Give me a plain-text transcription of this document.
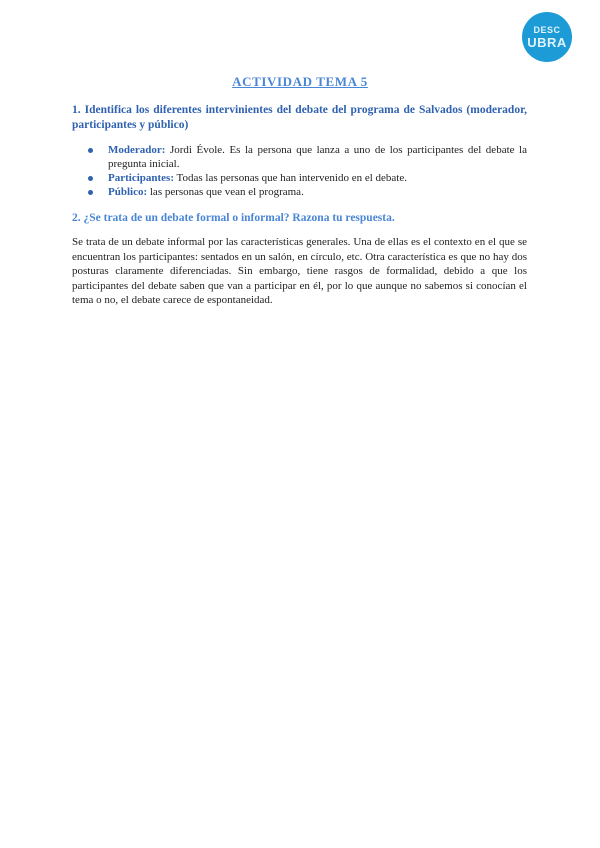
DESC
UBRA
ACTIVIDAD TEMA 5

1. Identifica los diferentes intervinientes del debate del programa de Salvados (moderador, participantes y público)

Moderador: Jordi Évole. Es la persona que lanza a uno de los participantes del debate la pregunta inicial.
Participantes: Todas las personas que han intervenido en el debate.
Público: las personas que vean el programa.

2. ¿Se trata de un debate formal o informal? Razona tu respuesta.

Se trata de un debate informal por las características generales. Una de ellas es el contexto en el que se encuentran los participantes: sentados en un salón, en círculo, etc. Otra característica es que no hay dos posturas claramente diferenciadas. Sin embargo, tiene rasgos de formalidad, debido a que los participantes del debate saben que van a participar en él, por lo que aunque no sabemos si conocían el tema o no, el debate carece de espontaneidad.
